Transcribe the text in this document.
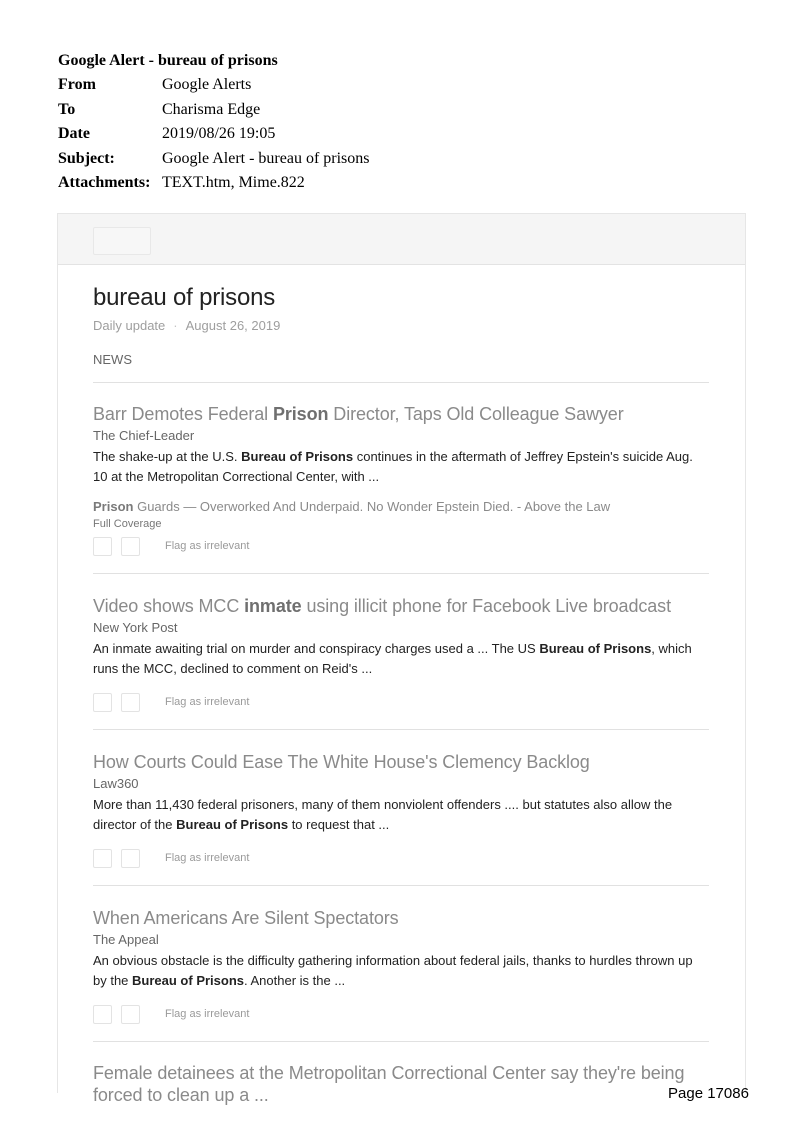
Google Alert - bureau of prisons
From	Google Alerts
To	Charisma Edge
Date	2019/08/26 19:05
Subject:	Google Alert - bureau of prisons
Attachments: TEXT.htm, Mime.822
bureau of prisons
Daily update · August 26, 2019
NEWS
Barr Demotes Federal Prison Director, Taps Old Colleague Sawyer
The Chief-Leader
The shake-up at the U.S. Bureau of Prisons continues in the aftermath of Jeffrey Epstein's suicide Aug. 10 at the Metropolitan Correctional Center, with ...
Prison Guards — Overworked And Underpaid. No Wonder Epstein Died. - Above the Law
Full Coverage
Flag as irrelevant
Video shows MCC inmate using illicit phone for Facebook Live broadcast
New York Post
An inmate awaiting trial on murder and conspiracy charges used a ... The US Bureau of Prisons, which runs the MCC, declined to comment on Reid's ...
Flag as irrelevant
How Courts Could Ease The White House's Clemency Backlog
Law360
More than 11,430 federal prisoners, many of them nonviolent offenders .... but statutes also allow the director of the Bureau of Prisons to request that ...
Flag as irrelevant
When Americans Are Silent Spectators
The Appeal
An obvious obstacle is the difficulty gathering information about federal jails, thanks to hurdles thrown up by the Bureau of Prisons. Another is the ...
Flag as irrelevant
Female detainees at the Metropolitan Correctional Center say they're being forced to clean up a ...	Page 17086
